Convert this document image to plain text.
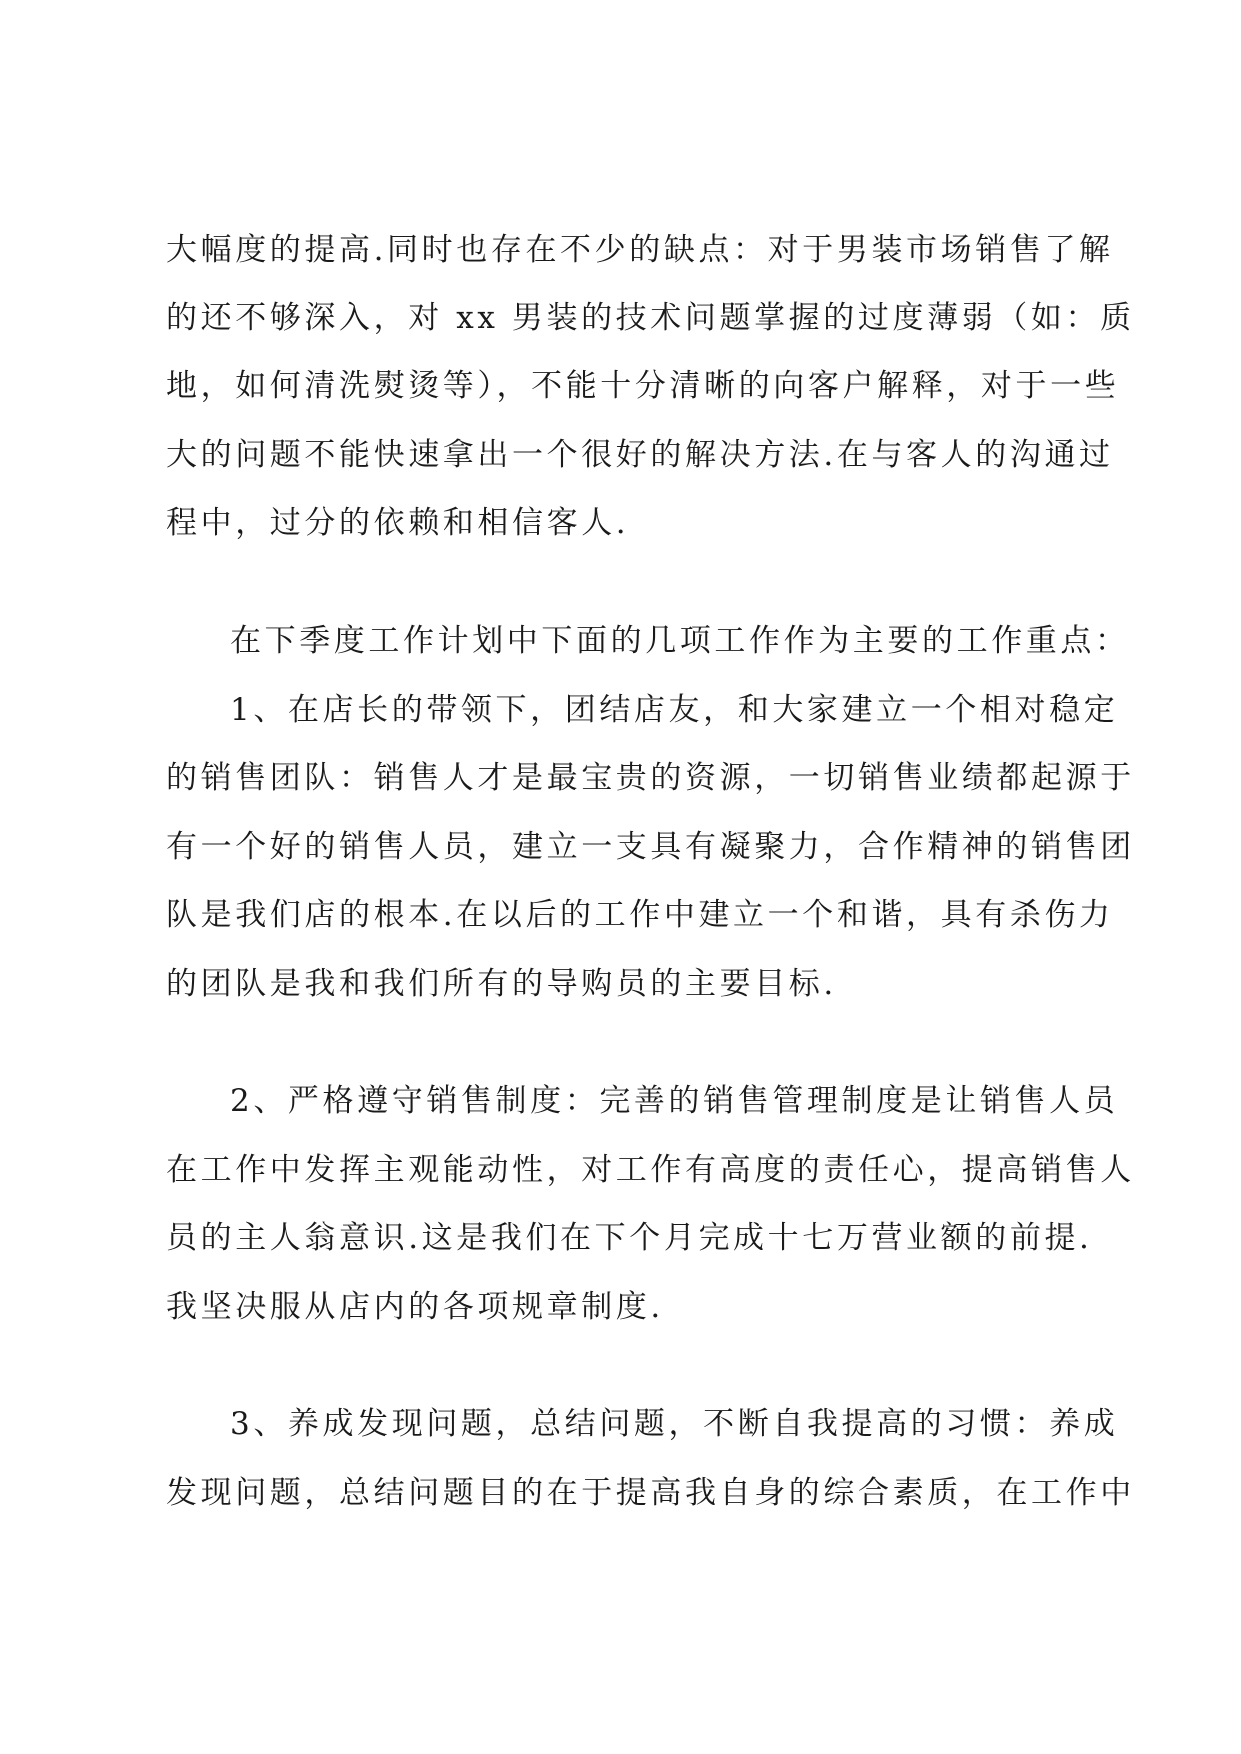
大幅度的提高.同时也存在不少的缺点：对于男装市场销售了解
的还不够深入，对 xx 男装的技术问题掌握的过度薄弱（如：质
地，如何清洗熨烫等），不能十分清晰的向客户解释，对于一些
大的问题不能快速拿出一个很好的解决方法.在与客人的沟通过
程中，过分的依赖和相信客人.
在下季度工作计划中下面的几项工作作为主要的工作重点：
1、在店长的带领下，团结店友，和大家建立一个相对稳定
的销售团队：销售人才是最宝贵的资源，一切销售业绩都起源于
有一个好的销售人员，建立一支具有凝聚力，合作精神的销售团
队是我们店的根本.在以后的工作中建立一个和谐，具有杀伤力
的团队是我和我们所有的导购员的主要目标.
2、严格遵守销售制度：完善的销售管理制度是让销售人员
在工作中发挥主观能动性，对工作有高度的责任心，提高销售人
员的主人翁意识.这是我们在下个月完成十七万营业额的前提.
我坚决服从店内的各项规章制度.
3、养成发现问题，总结问题，不断自我提高的习惯：养成
发现问题，总结问题目的在于提高我自身的综合素质，在工作中
